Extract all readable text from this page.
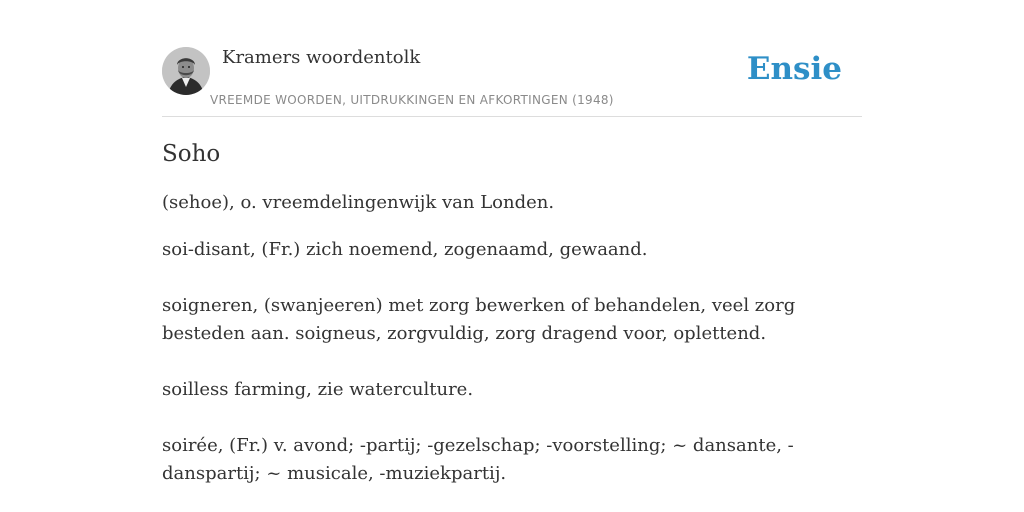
Kramers woordentolk
VREEMDE WOORDEN, UITDRUKKINGEN EN AFKORTINGEN (1948)
Ensie
Soho

(sehoe), o. vreemdelingenwijk van Londen.

soi-disant, (Fr.) zich noemend, zogenaamd, gewaand.

soigneren, (swanjeeren) met zorg bewerken of behandelen, veel zorg besteden aan. soigneus, zorgvuldig, zorg dragend voor, oplettend.

soilless farming, zie waterculture.

soirée, (Fr.) v. avond; -partij; -gezelschap; -voorstelling; ~ dansante, -danspartij; ~ musicale, -muziekpartij.
